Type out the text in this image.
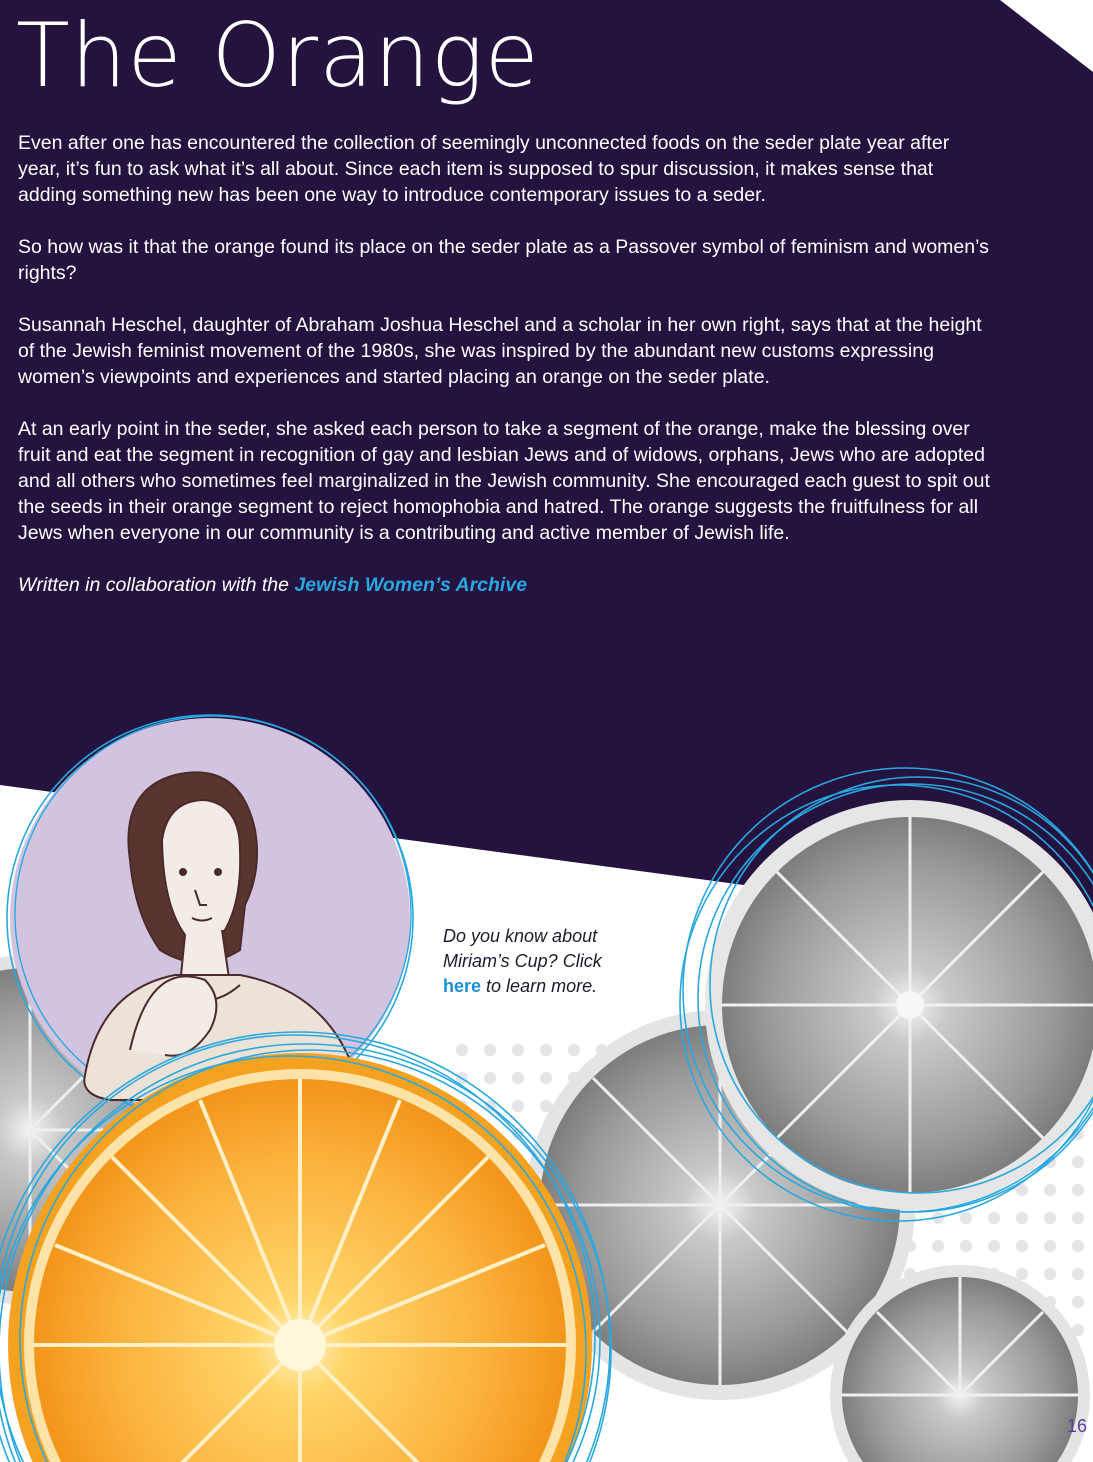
The Orange

Even after one has encountered the collection of seemingly unconnected foods on the seder plate year after year, it’s fun to ask what it’s all about. Since each item is supposed to spur discussion, it makes sense that adding something new has been one way to introduce contemporary issues to a seder.

So how was it that the orange found its place on the seder plate as a Passover symbol of feminism and women’s rights?

Susannah Heschel, daughter of Abraham Joshua Heschel and a scholar in her own right, says that at the height of the Jewish feminist movement of the 1980s, she was inspired by the abundant new customs expressing women’s viewpoints and experiences and started placing an orange on the seder plate.

At an early point in the seder, she asked each person to take a segment of the orange, make the blessing over fruit and eat the segment in recognition of gay and lesbian Jews and of widows, orphans, Jews who are adopted and all others who sometimes feel marginalized in the Jewish community. She encouraged each guest to spit out the seeds in their orange segment to reject homophobia and hatred. The orange suggests the fruitfulness for all Jews when everyone in our community is a contributing and active member of Jewish life.

Written in collaboration with the Jewish Women’s Archive

Do you know about Miriam’s Cup? Click
here to learn more.
16
